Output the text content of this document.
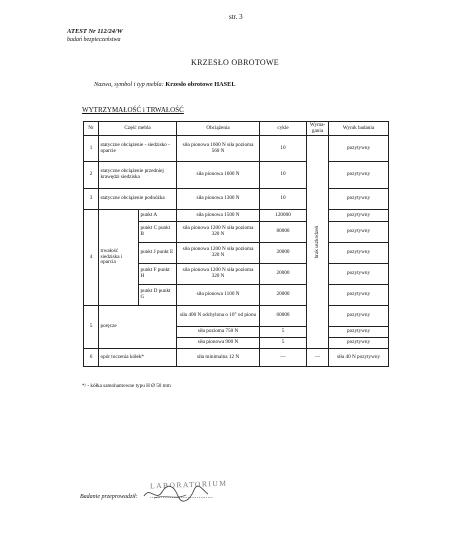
str. 3
ATEST Nr 112/24/W
badań bezpieczeństwa
KRZESŁO OBROTOWE
Nazwa, symbol i typ mebla: Krzesło obrotowe HASEL
WYTRZYMAŁOŚĆ i TRWAŁOŚĆ
Nr	Część mebla		Obciążenia	cykle	Wyma-gania	Wynik badania
1	statyczne obciążenie - siedzisko - oparcie		siła pionowa 1600 N siła pozioma 560 N	10	brak uszkodzeń	pozytywny
2	statyczne obciążenie przedniej krawędzi siedziska		siła pionowa 1600 N	10		pozytywny
3	statyczne obciążenie podnóżka		siła pionowa 1300 N	10		pozytywny
4	trwałość siedziska i oparcia	punkt A	siła pionowa 1500 N	120000		pozytywny
		punkt C punkt B	siła pionowa 1200 N siła pozioma 320 N	80000		pozytywny
		punkt J punkt E	siła pionowa 1200 N siła pozioma 320 N	20000		pozytywny
		punkt F punkt H	siła pionowa 1200 N siła pozioma 320 N	20000		pozytywny
		punkt D punkt G	siła pionowa 1100 N	20000		pozytywny
5	poręcze		siła 400 N odchylona o 10° od pionu	60000		pozytywny
			siła pozioma 750 N	5		pozytywny
			siła pionowa 900 N	5		pozytywny
6	opór toczenia kółek*		siła minimalna 12 N	—	—	siła 40 N pozytywny
*/ - kółka samohamowne typu H Ø 50 mm
LABORATORIUM
Badanie przeprowadził: ...................................
